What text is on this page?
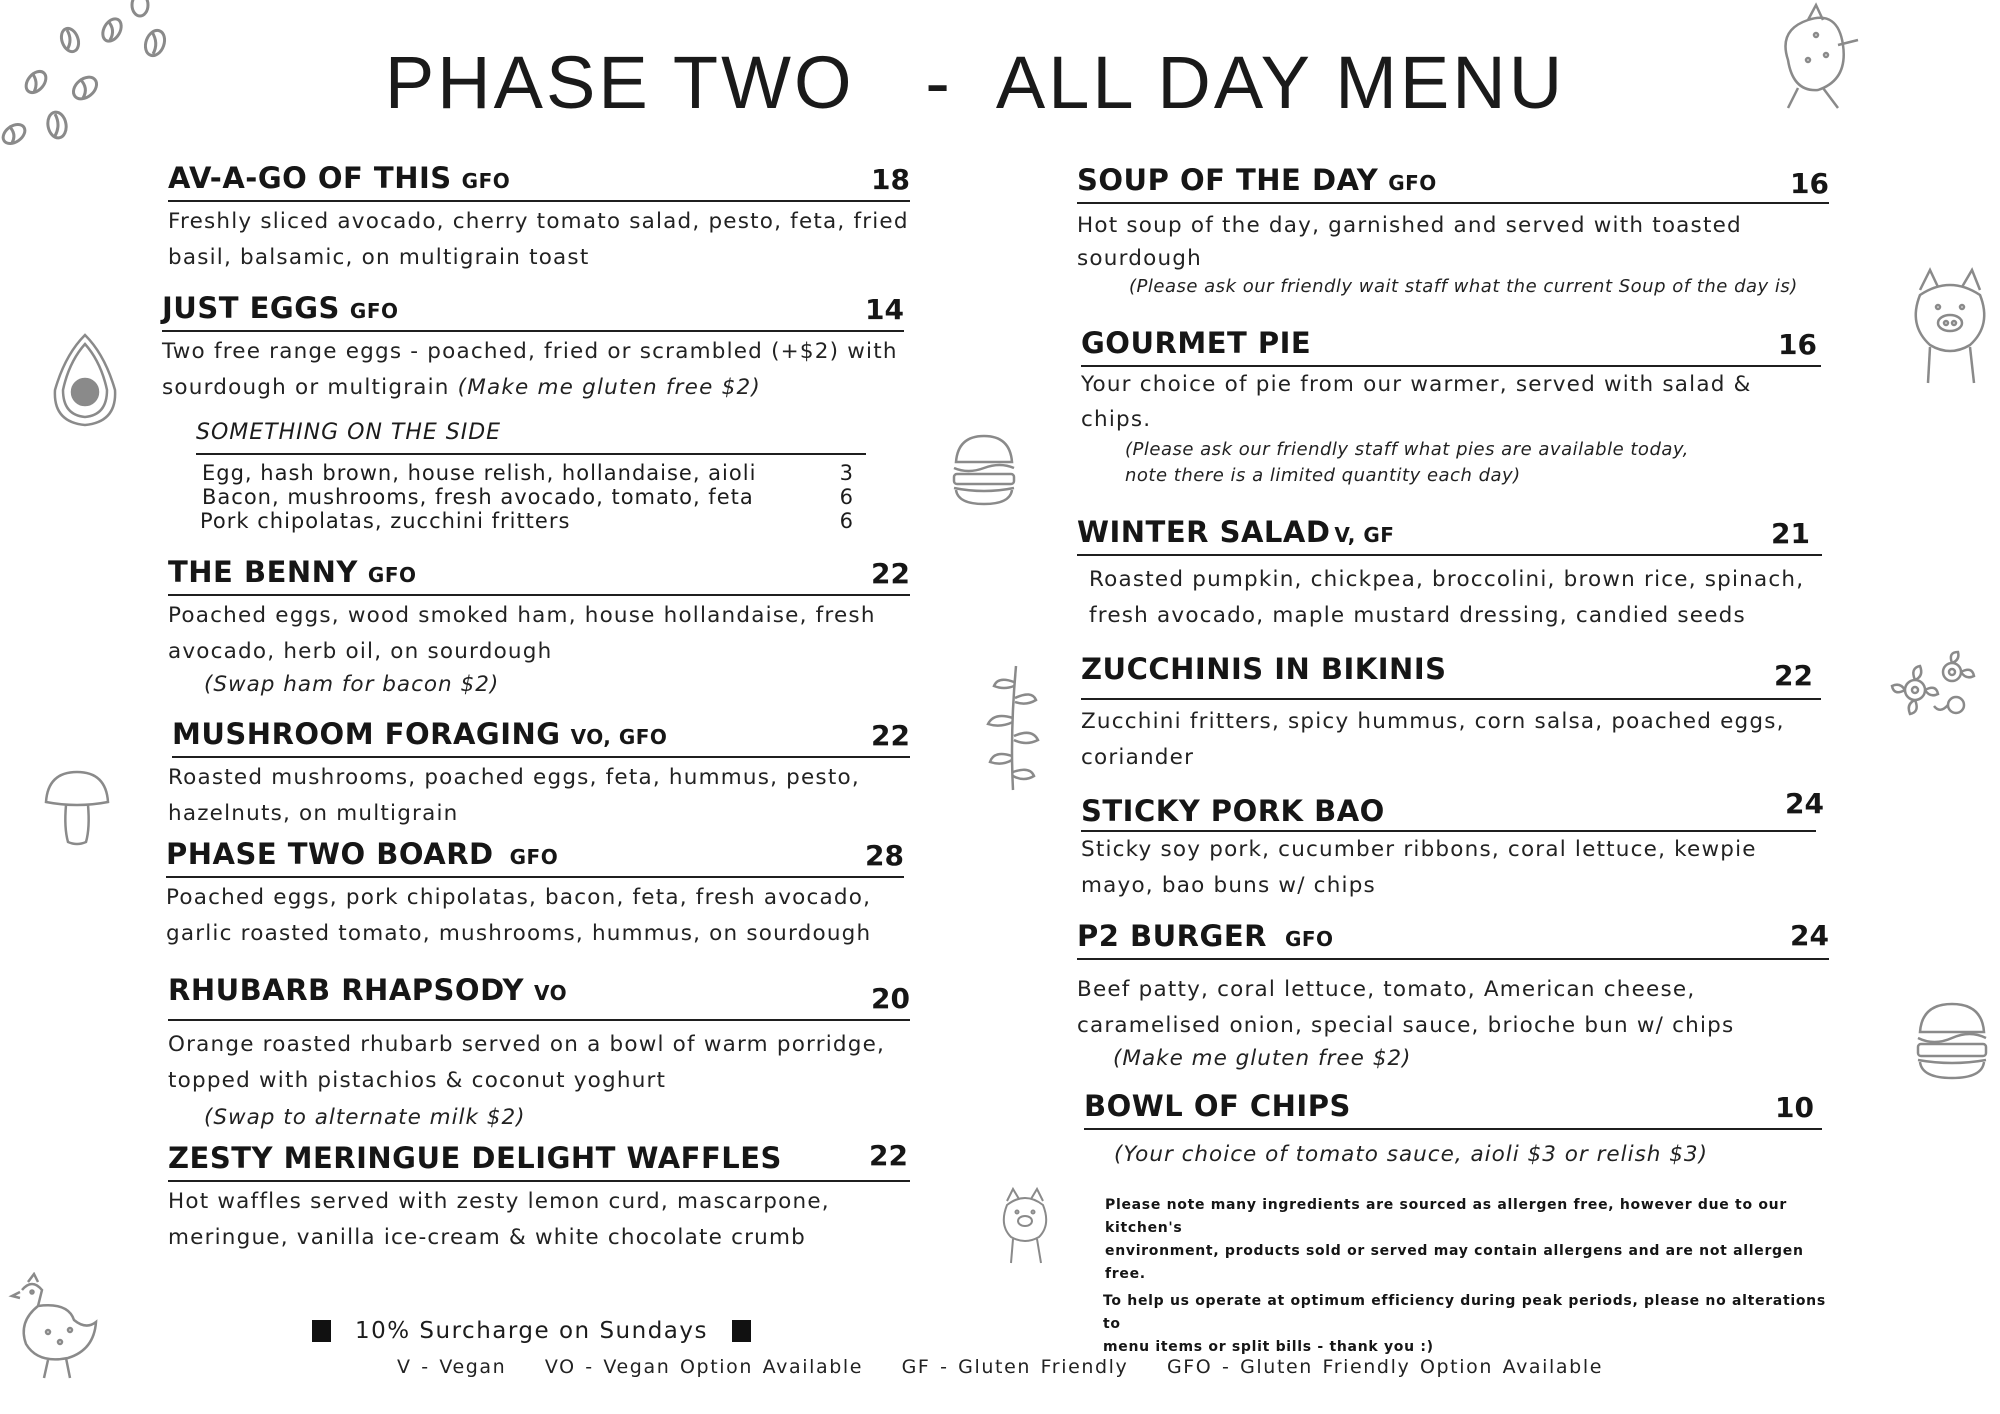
PHASE TWO -  ALL DAY MENU
AV-A-GO OF THIS GFO	18
Freshly sliced avocado, cherry tomato salad, pesto, feta, fried
basil, balsamic, on multigrain toast
JUST EGGS GFO	14
Two free range eggs - poached, fried or scrambled (+$2) with
sourdough or multigrain (Make me gluten free $2)
SOMETHING ON THE SIDE
Egg, hash brown, house relish, hollandaise, aioli	3
Bacon, mushrooms, fresh avocado, tomato, feta	6
Pork chipolatas, zucchini fritters	6
THE BENNY GFO	22
Poached eggs, wood smoked ham, house hollandaise, fresh
avocado, herb oil, on sourdough
(Swap ham for bacon $2)
MUSHROOM FORAGING VO, GFO	22
Roasted mushrooms, poached eggs, feta, hummus, pesto,
hazelnuts, on multigrain
PHASE TWO BOARD GFO	28
Poached eggs, pork chipolatas, bacon, feta, fresh avocado,
garlic roasted tomato, mushrooms, hummus, on sourdough
RHUBARB RHAPSODY VO	20
Orange roasted rhubarb served on a bowl of warm porridge,
topped with pistachios & coconut yoghurt
(Swap to alternate milk $2)
ZESTY MERINGUE DELIGHT WAFFLES	22
Hot waffles served with zesty lemon curd, mascarpone,
meringue, vanilla ice-cream & white chocolate crumb
SOUP OF THE DAY GFO	16
Hot soup of the day, garnished and served with toasted
sourdough
(Please ask our friendly wait staff what the current Soup of the day is)
GOURMET PIE	16
Your choice of pie from our warmer, served with salad &
chips.
(Please ask our friendly staff what pies are available today,
note there is a limited quantity each day)
WINTER SALAD V, GF	21
Roasted pumpkin, chickpea, broccolini, brown rice, spinach,
fresh avocado, maple mustard dressing, candied seeds
ZUCCHINIS IN BIKINIS	22
Zucchini fritters, spicy hummus, corn salsa, poached eggs,
coriander
STICKY PORK BAO	24
Sticky soy pork, cucumber ribbons, coral lettuce, kewpie
mayo, bao buns w/ chips
P2 BURGER GFO	24
Beef patty, coral lettuce, tomato, American cheese,
caramelised onion, special sauce, brioche bun w/ chips
(Make me gluten free $2)
BOWL OF CHIPS	10
(Your choice of tomato sauce, aioli $3 or relish $3)
Please note many ingredients are sourced as allergen free, however due to our kitchen's
environment, products sold or served may contain allergens and are not allergen free.
To help us operate at optimum efficiency during peak periods, please no alterations to
menu items or split bills - thank you :)
10% Surcharge on Sundays
V - Vegan    VO - Vegan Option Available    GF - Gluten Friendly    GFO - Gluten Friendly Option Available
